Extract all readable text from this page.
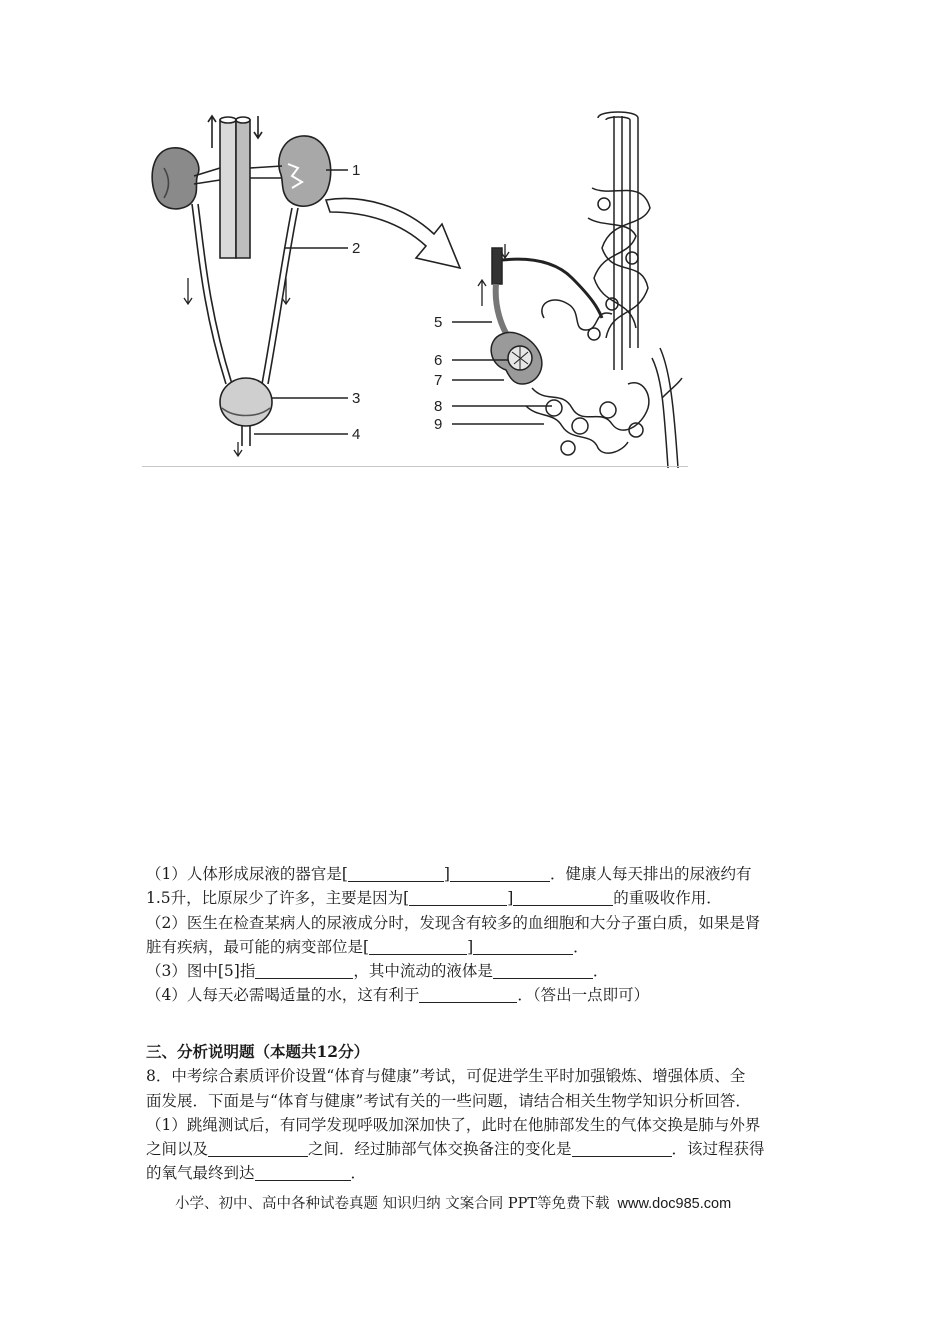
1
2
3
4
5
6
7
8
9
（1）人体形成尿液的器官是[	]	．健康人每天排出的尿液约有
1.5升，比原尿少了许多，主要是因为[	]	的重吸收作用．
（2）医生在检查某病人的尿液成分时，发现含有较多的血细胞和大分子蛋白质，如果是肾
脏有疾病，最可能的病变部位是[	]	．
（3）图中[5]指	，其中流动的液体是	．
（4）人每天必需喝适量的水，这有利于	．（答出一点即可）
三、分析说明题（本题共12分）
8．中考综合素质评价设置“体育与健康”考试，可促进学生平时加强锻炼、增强体质、全
面发展．下面是与“体育与健康”考试有关的一些问题，请结合相关生物学知识分析回答．
（1）跳绳测试后，有同学发现呼吸加深加快了，此时在他肺部发生的气体交换是肺与外界
之间以及	之间．经过肺部气体交换备注的变化是	．该过程获得
的氧气最终到达	．
小学、初中、高中各种试卷真题 知识归纳 文案合同 PPT等免费下载 www.doc985.com
